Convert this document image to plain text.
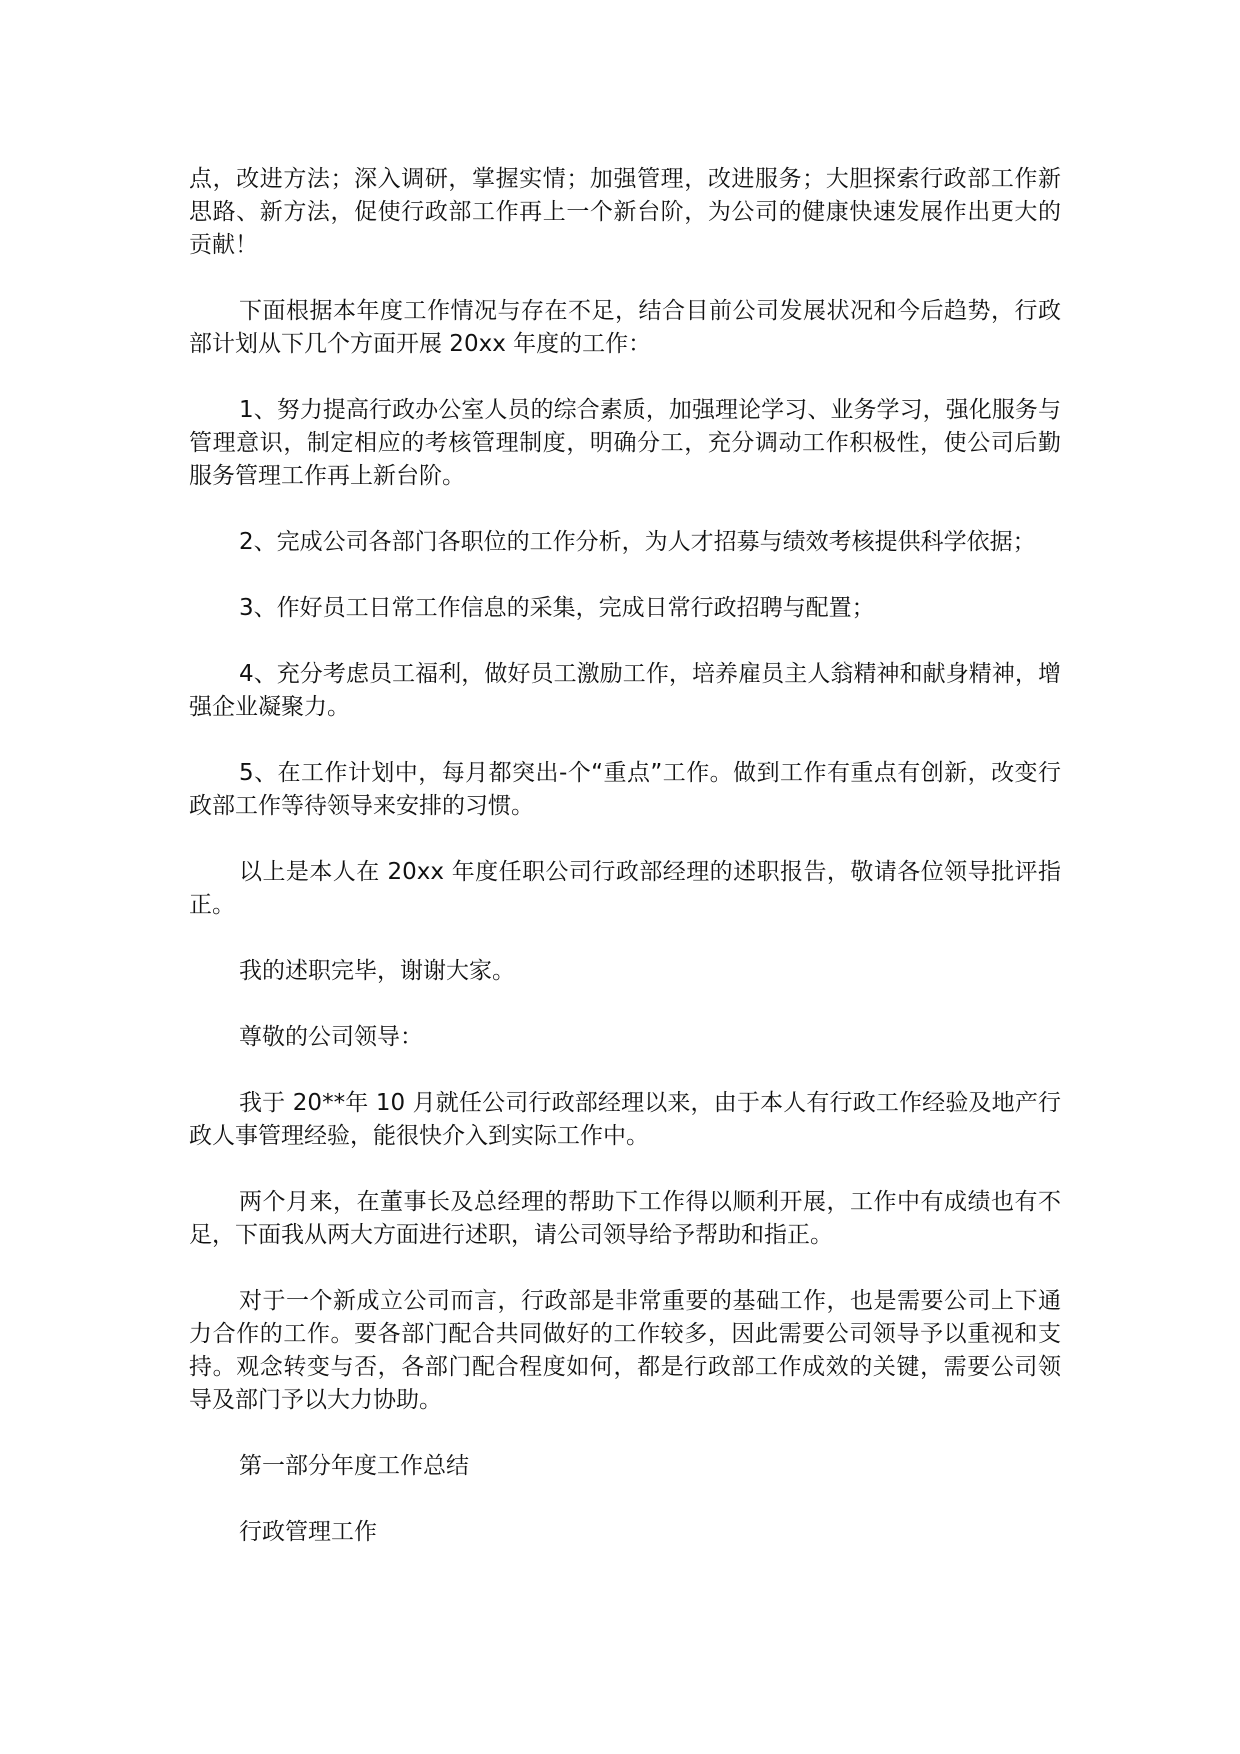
点，改进方法；深入调研，掌握实情；加强管理，改进服务；大胆探索行政部工作新思路、新方法，促使行政部工作再上一个新台阶，为公司的健康快速发展作出更大的贡献！

下面根据本年度工作情况与存在不足，结合目前公司发展状况和今后趋势，行政部计划从下几个方面开展 20xx 年度的工作：

1、努力提高行政办公室人员的综合素质，加强理论学习、业务学习，强化服务与管理意识，制定相应的考核管理制度，明确分工，充分调动工作积极性，使公司后勤服务管理工作再上新台阶。

2、完成公司各部门各职位的工作分析，为人才招募与绩效考核提供科学依据；

3、作好员工日常工作信息的采集，完成日常行政招聘与配置；

4、充分考虑员工福利，做好员工激励工作，培养雇员主人翁精神和献身精神，增强企业凝聚力。

5、在工作计划中，每月都突出-个“重点”工作。做到工作有重点有创新，改变行政部工作等待领导来安排的习惯。

以上是本人在 20xx 年度任职公司行政部经理的述职报告，敬请各位领导批评指正。

我的述职完毕，谢谢大家。

尊敬的公司领导：

我于 20**年 10 月就任公司行政部经理以来，由于本人有行政工作经验及地产行政人事管理经验，能很快介入到实际工作中。

两个月来，在董事长及总经理的帮助下工作得以顺利开展，工作中有成绩也有不足，下面我从两大方面进行述职，请公司领导给予帮助和指正。

对于一个新成立公司而言，行政部是非常重要的基础工作，也是需要公司上下通力合作的工作。要各部门配合共同做好的工作较多，因此需要公司领导予以重视和支持。观念转变与否，各部门配合程度如何，都是行政部工作成效的关键，需要公司领导及部门予以大力协助。

第一部分年度工作总结

行政管理工作
